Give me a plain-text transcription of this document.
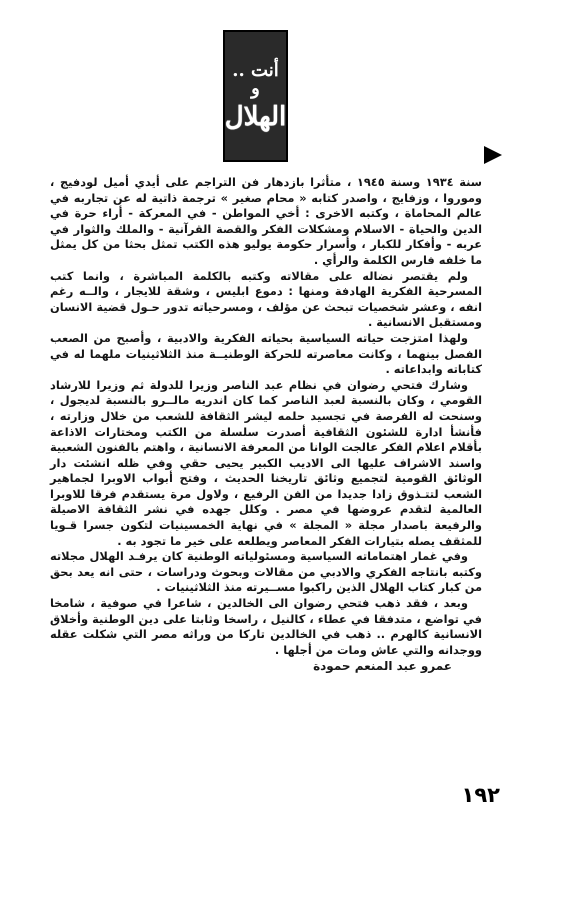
أنت .. و
الهلال

سنة ١٩٣٤ وسنة ١٩٤٥ ، متأثرا بازدهار فن التراجم على أيدي أميل لودفيج ، وموروا ، وزفايج ، واصدر كتابه « محام صغير » ترجمة ذاتية له عن تجاربه في عالم المحاماة ، وكتبه الاخرى : أخي المواطن - في المعركة - أراء حرة في الدين والحياة - الاسلام ومشكلات الفكر والقصة القرآنية - والملك والثوار في عربه - وأفكار للكبار ، وأسرار حكومة يوليو هذه الكتب تمثل بحثا من كل يمثل ما خلفه فارس الكلمة والرأي .

ولم يقتصر نضاله على مقالاته وكتبه بالكلمة المباشرة ، وانما كتب المسرحية الفكرية الهادفة ومنها : دموع ابليس ، وشقة للايجار ، والــه رغم انفه ، وعشر شخصيات تبحث عن مؤلف ، ومسرحياته تدور حـول قضية الانسان ومستقبل الانسانية .

ولهذا امتزجت حياته السياسية بحياته الفكرية والادبية ، وأصبح من الصعب الفصل بينهما ، وكانت معاصرته للحركة الوطنيــة منذ الثلاثينيات ملهما له في كتاباته وابداعاته .

وشارك فتحي رضوان في نظام عبد الناصر وزيرا للدولة ثم وزيرا للارشاد القومي ، وكان بالنسبة لعبد الناصر كما كان اندريه مالــرو بالنسبة لديجول ، وسنحت له الفرصة في تجسيد حلمه ليشر الثقافة للشعب من خلال وزارته ، فأنشأ ادارة للشئون الثقافية أصدرت سلسلة من الكتب ومختارات الاذاعة بأقلام اعلام الفكر عالجت الوانا من المعرفة الانسانية ، واهتم بالفنون الشعبية واسند الاشراف عليها الى الاديب الكبير يحيى حقي وفي ظله انشئت دار الوثائق القومية لتجميع وثائق تاريخنا الحديث ، وفتح أبواب الاوبرا لجماهير الشعب لتتـذوق زادا جديدا من الفن الرفيع ، ولاول مرة يستقدم فرقا للاوبرا العالمية لتقدم عروضها في مصر . وكلل جهده في نشر الثقافة الاصيلة والرفيعة باصدار مجلة « المجلة » في نهاية الخمسينيات لتكون جسرا قـويا للمثقف يصله بتيارات الفكر المعاصر ويطلعه على خير ما تجود به .

وفي غمار اهتماماته السياسية ومسئولياته الوطنية كان يرفـد الهلال مجلاته وكتبه بانتاجه الفكري والادبي من مقالات وبحوث ودراسات ، حتى انه يعد بحق من كبار كتاب الهلال الذين راكبوا مســيرته منذ الثلاثينيات .

وبعد ، فقد ذهب فتحي رضوان الى الخالدين ، شاعرا في صوفية ، شامخا في تواضع ، متدفقا في عطاء ، كالنيل ، راسخا وثابتا على دين الوطنية وأخلاق الانسانية كالهرم .. ذهب في الخالدين تاركا من وراثه مصر التي شكلت عقله ووجدانه والتي عاش ومات من أجلها .

عمرو عبد المنعم حمودة

١٩٢
